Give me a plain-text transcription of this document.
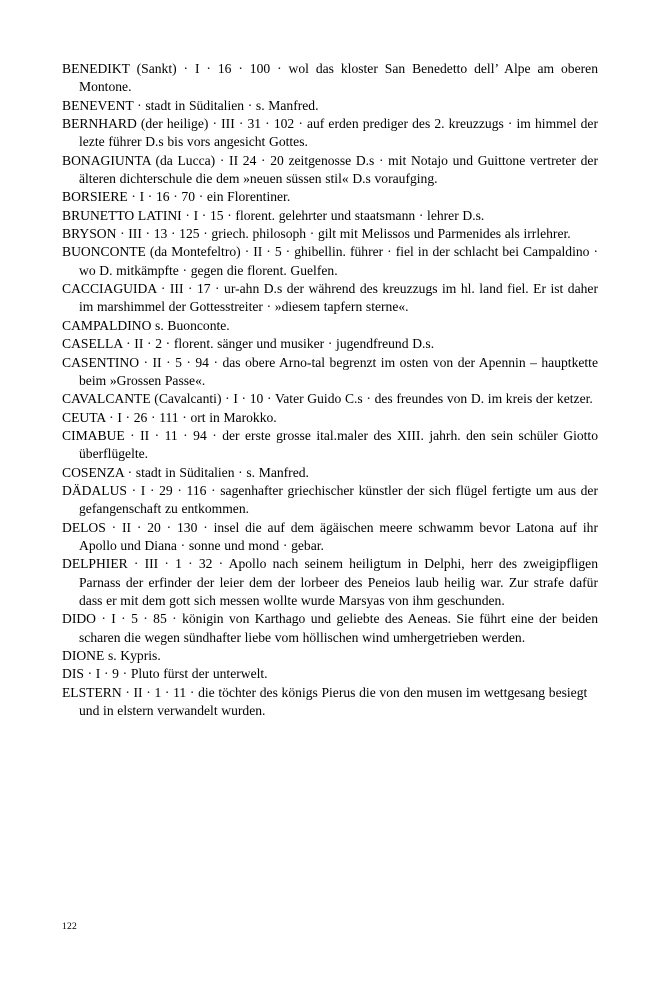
BENEDIKT (Sankt) · I · 16 · 100 · wol das kloster San Benedetto dell’ Alpe am oberen Montone.

BENEVENT · stadt in Süditalien · s. Manfred.

BERNHARD (der heilige) · III · 31 · 102 · auf erden prediger des 2. kreuzzugs · im himmel der lezte führer D.s bis vors angesicht Gottes.

BONAGIUNTA (da Lucca) · II 24 · 20 zeitgenosse D.s · mit Notajo und Guittone vertreter der älteren dichterschule die dem »neuen süssen stil« D.s voraufging.

BORSIERE · I · 16 · 70 · ein Florentiner.

BRUNETTO LATINI · I · 15 · florent. gelehrter und staatsmann · lehrer D.s.

BRYSON · III · 13 · 125 · griech. philosoph · gilt mit Melissos und Parmenides als irrlehrer.

BUONCONTE (da Montefeltro) · II · 5 · ghibellin. führer · fiel in der schlacht bei Campaldino · wo D. mitkämpfte · gegen die florent. Guelfen.

CACCIAGUIDA · III · 17 · ur-ahn D.s der während des kreuzzugs im hl. land fiel. Er ist daher im marshimmel der Gottesstreiter · »diesem tapfern sterne«.

CAMPALDINO s. Buonconte.

CASELLA · II · 2 · florent. sänger und musiker · jugendfreund D.s.

CASENTINO · II · 5 · 94 · das obere Arno-tal begrenzt im osten von der Apennin – hauptkette beim »Grossen Passe«.

CAVALCANTE (Cavalcanti) · I · 10 · Vater Guido C.s · des freundes von D. im kreis der ketzer.

CEUTA · I · 26 · 111 · ort in Marokko.

CIMABUE · II · 11 · 94 · der erste grosse ital.maler des XIII. jahrh. den sein schüler Giotto überflügelte.

COSENZA · stadt in Süditalien · s. Manfred.

DÄDALUS · I · 29 · 116 · sagenhafter griechischer künstler der sich flügel fertigte um aus der gefangenschaft zu entkommen.

DELOS · II · 20 · 130 · insel die auf dem ägäischen meere schwamm bevor Latona auf ihr Apollo und Diana · sonne und mond · gebar.

DELPHIER · III · 1 · 32 · Apollo nach seinem heiligtum in Delphi, herr des zweigipfligen Parnass der erfinder der leier dem der lorbeer des Peneios laub heilig war. Zur strafe dafür dass er mit dem gott sich messen wollte wurde Marsyas von ihm geschunden.

DIDO · I · 5 · 85 · königin von Karthago und geliebte des Aeneas. Sie führt eine der beiden scharen die wegen sündhafter liebe vom höllischen wind umhergetrieben werden.

DIONE s. Kypris.

DIS · I · 9 · Pluto fürst der unterwelt.

ELSTERN · II · 1 · 11 · die töchter des königs Pierus die von den musen im wettgesang besiegt und in elstern verwandelt wurden.

122
